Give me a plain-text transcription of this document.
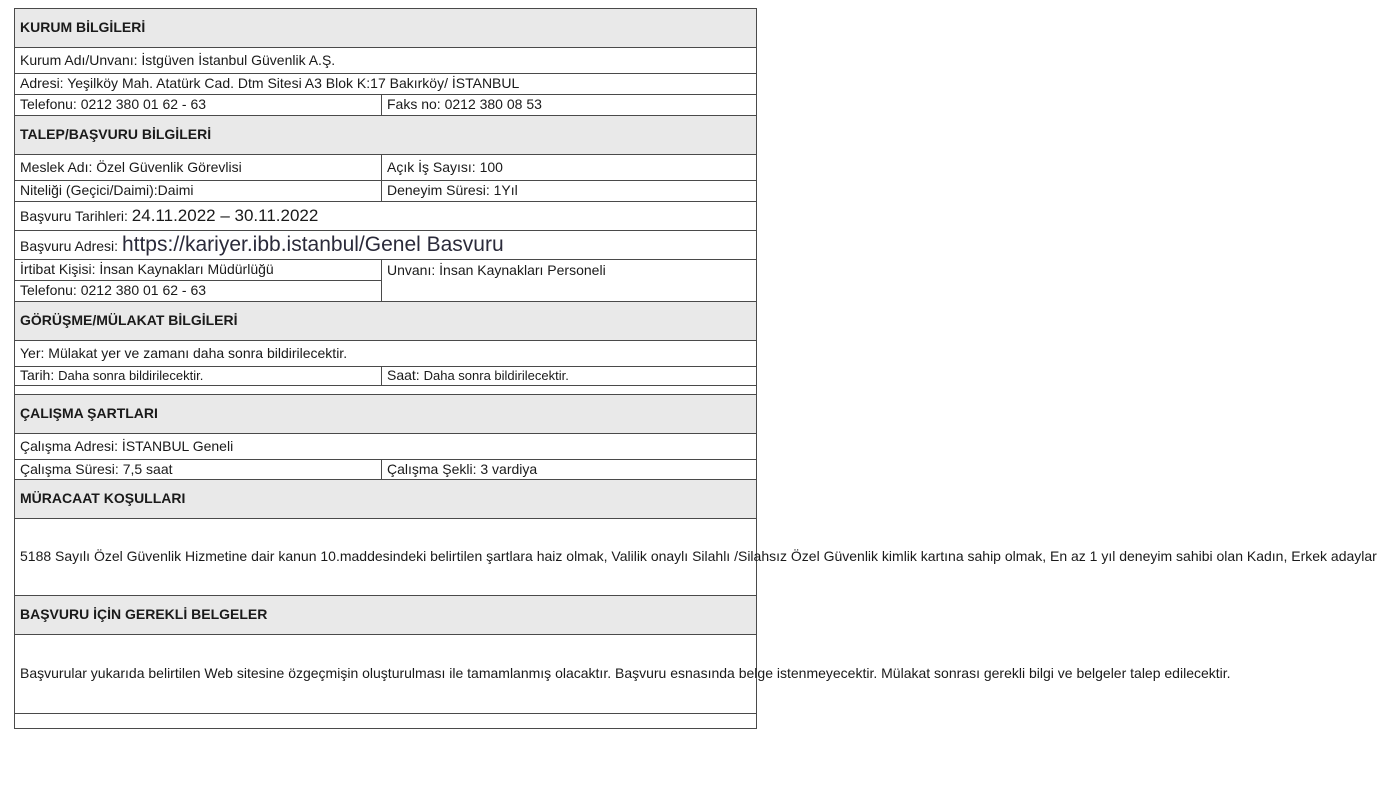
KURUM BİLGİLERİ	
Kurum Adı/Unvanı: İstgüven İstanbul Güvenlik A.Ş.	
Adresi: Yeşilköy Mah. Atatürk Cad. Dtm Sitesi A3 Blok K:17 Bakırköy/ İSTANBUL	
Telefonu: 0212 380 01 62 - 63	Faks no: 0212 380 08 53
TALEP/BAŞVURU BİLGİLERİ	
Meslek Adı: Özel Güvenlik Görevlisi	Açık İş Sayısı: 100
Niteliği (Geçici/Daimi):Daimi	Deneyim Süresi: 1Yıl
Başvuru Tarihleri: 24.11.2022 – 30.11.2022	
Başvuru Adresi: https://kariyer.ibb.istanbul/Genel Basvuru	
İrtibat Kişisi: İnsan Kaynakları Müdürlüğü	Unvanı: İnsan Kaynakları Personeli
Telefonu: 0212 380 01 62 - 63	
GÖRÜŞME/MÜLAKAT BİLGİLERİ	
Yer: Mülakat yer ve zamanı daha sonra bildirilecektir.	
Tarih: Daha sonra bildirilecektir.	Saat: Daha sonra bildirilecektir.

ÇALIŞMA ŞARTLARI	
Çalışma Adresi: İSTANBUL Geneli	
Çalışma Süresi: 7,5 saat	Çalışma Şekli: 3 vardiya
MÜRACAAT KOŞULLARI	
5188 Sayılı Özel Güvenlik Hizmetine dair kanun 10.maddesindeki belirtilen şartlara haiz olmak, Valilik onaylı Silahlı /Silahsız Özel Güvenlik kimlik kartına sahip olmak, En az 1 yıl deneyim sahibi olan Kadın, Erkek adaylar	
BAŞVURU İÇİN GEREKLİ BELGELER	
Başvurular yukarıda belirtilen Web sitesine özgeçmişin oluşturulması ile tamamlanmış olacaktır. Başvuru esnasında belge istenmeyecektir. Mülakat sonrası gerekli bilgi ve belgeler talep edilecektir.	
